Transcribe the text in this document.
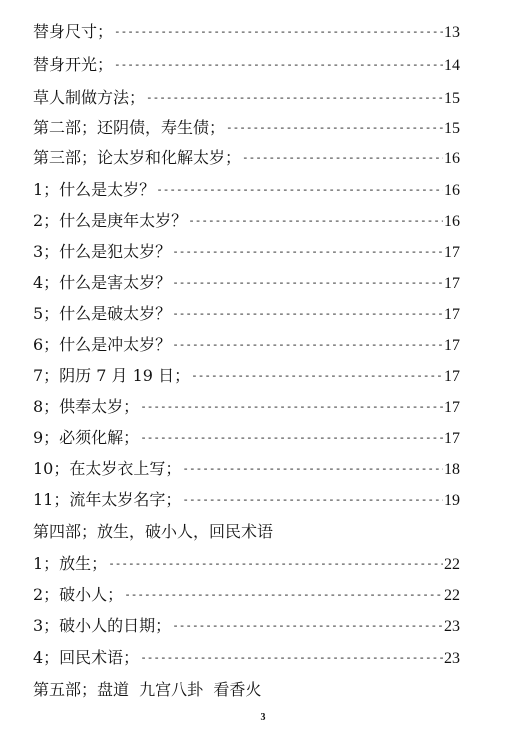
替身尺寸； -----	13
替身开光； -----	14
草人制做方法； -----	15
第二部；还阴债，寿生债； -----	15
第三部；论太岁和化解太岁； -----	16
1；什么是太岁？ -----	16
2；什么是庚年太岁？ -----	16
3；什么是犯太岁？ -----	17
4；什么是害太岁？ -----	17
5；什么是破太岁？ -----	17
6；什么是冲太岁？ -----	17
7；阴历 7 月 19 日； -----	17
8；供奉太岁； -----	17
9；必须化解； -----	17
10；在太岁衣上写； -----	18
11；流年太岁名字； -----	19
第四部；放生，破小人，回民术语
1；放生； -----	22
2；破小人； -----	22
3；破小人的日期； -----	23
4；回民术语； -----	23
第五部；盘道  九宫八卦  看香火
3
